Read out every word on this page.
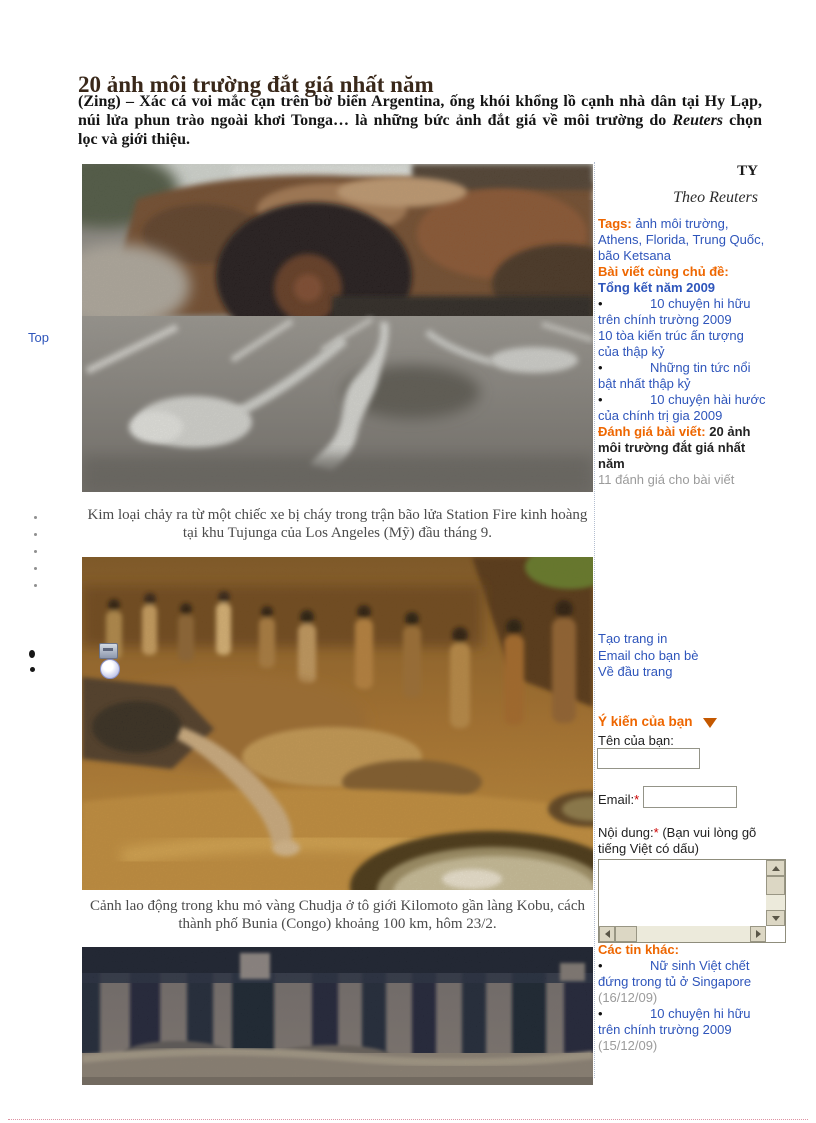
Top
20 ảnh môi trường đắt giá nhất năm
(Zing) – Xác cá voi mắc cạn trên bờ biển Argentina, ống khói khổng lồ cạnh nhà dân tại Hy Lạp,
núi lửa phun trào ngoài khơi Tonga… là những bức ảnh đắt giá về môi trường do Reuters chọn
lọc và giới thiệu.
Kim loại chảy ra từ một chiếc xe bị cháy trong trận bão lửa Station Fire kinh hoàng tại khu Tujunga của Los Angeles (Mỹ) đầu tháng 9.
Cảnh lao động trong khu mỏ vàng Chudja ở tô giới Kilomoto gần làng Kobu, cách thành phố Bunia (Congo) khoảng 100 km, hôm 23/2.
TY
Theo Reuters
Tags: ảnh môi trường, Athens, Florida, Trung Quốc, bão Ketsana
Bài viết cùng chủ đề:
Tổng kết năm 2009
•	10 chuyện hi hữu trên chính trường 2009
10 tòa kiến trúc ấn tượng của thập kỷ
•	Những tin tức nổi bật nhất thập kỷ
•	10 chuyện hài hước của chính trị gia 2009
Đánh giá bài viết: 20 ảnh môi trường đắt giá nhất năm
11 đánh giá cho bài viết
Tạo trang in
Email cho bạn bè
Về đầu trang
Ý kiến của bạn
Tên của bạn:
Email:*
Nội dung:* (Bạn vui lòng gõ tiếng Việt có dấu)
Các tin khác:
•	Nữ sinh Việt chết đứng trong tủ ở Singapore
(16/12/09)
•	10 chuyện hi hữu trên chính trường 2009
(15/12/09)
